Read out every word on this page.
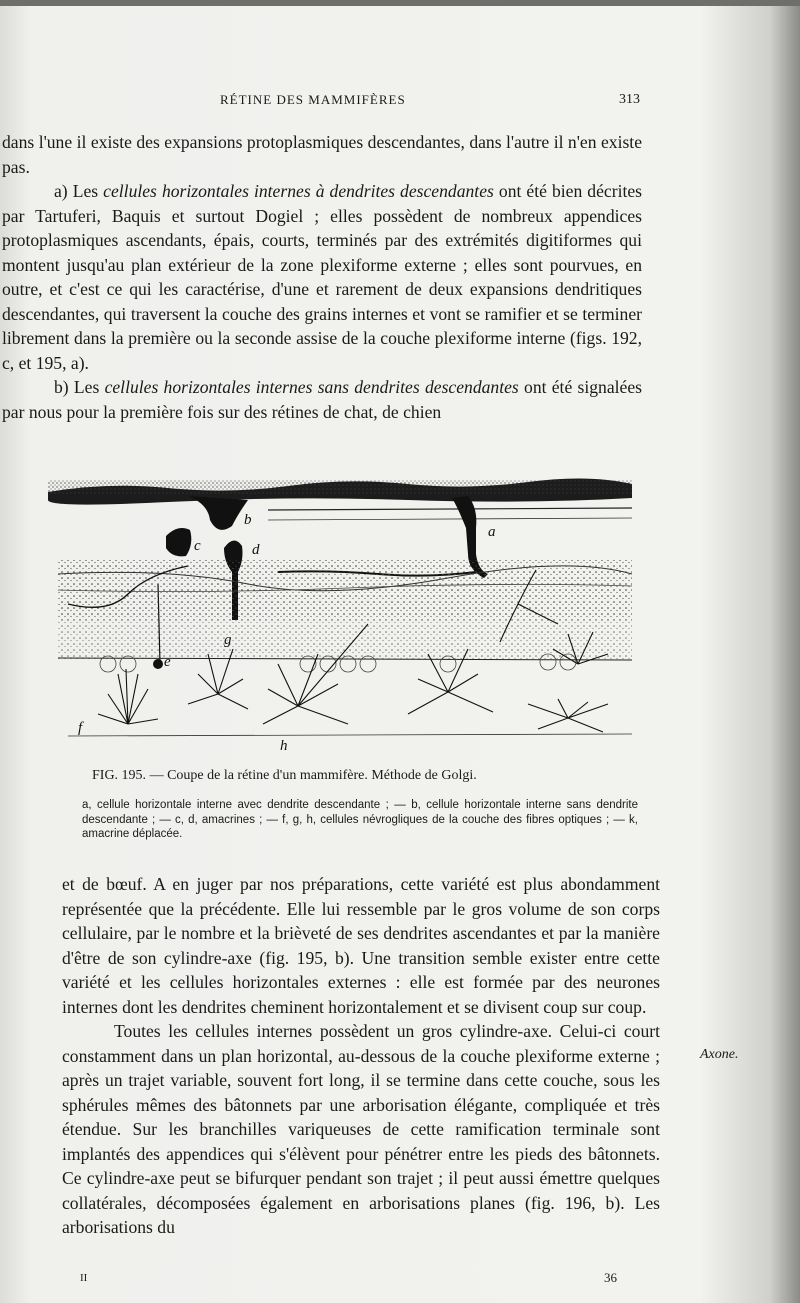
RÉTINE DES MAMMIFÈRES	313

dans l'une il existe des expansions protoplasmiques descendantes, dans l'autre il n'en existe pas.

a) Les cellules horizontales internes à dendrites descendantes ont été bien décrites par Tartuferi, Baquis et surtout Dogiel ; elles possèdent de nombreux appendices protoplasmiques ascendants, épais, courts, terminés par des extrémités digitiformes qui montent jusqu'au plan extérieur de la zone plexiforme externe ; elles sont pourvues, en outre, et c'est ce qui les caractérise, d'une et rarement de deux expansions dendritiques descendantes, qui traversent la couche des grains internes et vont se ramifier et se terminer librement dans la première ou la seconde assise de la couche plexiforme interne (figs. 192, c, et 195, a).

b) Les cellules horizontales internes sans dendrites descendantes ont été signalées par nous pour la première fois sur des rétines de chat, de chien

b
a
c	d
e
f
g
h
FIG. 195. — Coupe de la rétine d'un mammifère. Méthode de Golgi.
a, cellule horizontale interne avec dendrite descendante ; — b, cellule horizontale interne sans dendrite descendante ; — c, d, amacrines ; — f, g, h, cellules névrogliques de la couche des fibres optiques ; — k, amacrine déplacée.

et de bœuf. A en juger par nos préparations, cette variété est plus abondamment représentée que la précédente. Elle lui ressemble par le gros volume de son corps cellulaire, par le nombre et la brièveté de ses dendrites ascendantes et par la manière d'être de son cylindre-axe (fig. 195, b). Une transition semble exister entre cette variété et les cellules horizontales externes : elle est formée par des neurones internes dont les dendrites cheminent horizontalement et se divisent coup sur coup.

Toutes les cellules internes possèdent un gros cylindre-axe. Celui-ci court constamment dans un plan horizontal, au-dessous de la couche plexiforme externe ; après un trajet variable, souvent fort long, il se termine dans cette couche, sous les sphérules mêmes des bâtonnets par une arborisation élégante, compliquée et très étendue. Sur les branchilles variqueuses de cette ramification terminale sont implantés des appendices qui s'élèvent pour pénétrer entre les pieds des bâtonnets. Ce cylindre-axe peut se bifurquer pendant son trajet ; il peut aussi émettre quelques collatérales, décomposées également en arborisations planes (fig. 196, b). Les arborisations du

Axone.
II	36
